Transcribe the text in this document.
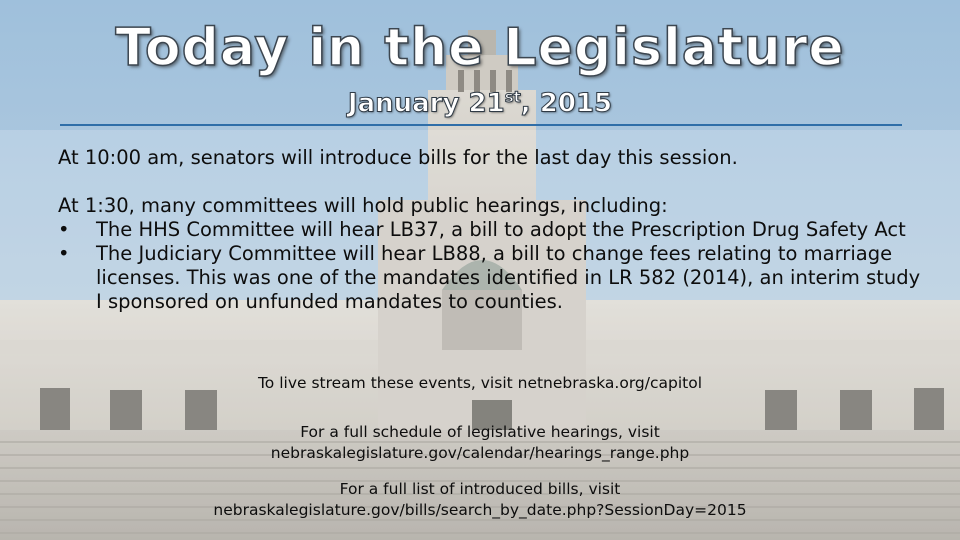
Today in the Legislature
January 21st, 2015
At 10:00 am, senators will introduce bills for the last day this session.
At 1:30, many committees will hold public hearings, including:
•	The HHS Committee will hear LB37, a bill to adopt the Prescription Drug Safety Act
•	The Judiciary Committee will hear LB88, a bill to change fees relating to marriage licenses. This was one of the mandates identified in LR 582 (2014), an interim study I sponsored on unfunded mandates to counties.
To live stream these events, visit netnebraska.org/capitol
For a full schedule of legislative hearings, visit
nebraskalegislature.gov/calendar/hearings_range.php
For a full list of introduced bills, visit
nebraskalegislature.gov/bills/search_by_date.php?SessionDay=2015
